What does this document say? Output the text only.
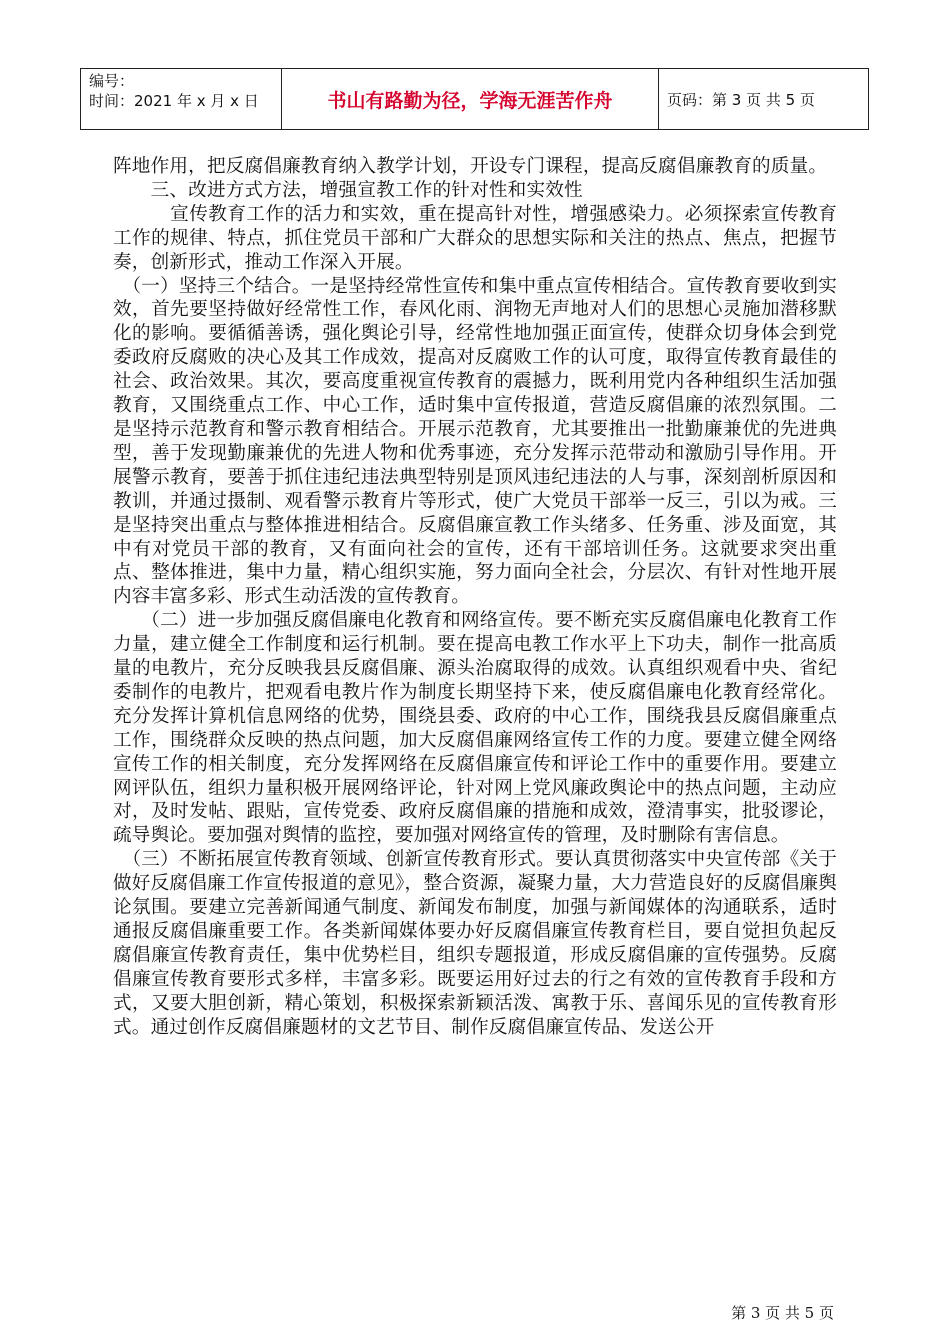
编号：
时间：2021 年 x 月 x 日	书山有路勤为径，学海无涯苦作舟	页码：第 3 页 共 5 页

阵地作用，把反腐倡廉教育纳入教学计划，开设专门课程，提高反腐倡廉教育的质量。

　　三、改进方式方法，增强宣教工作的针对性和实效性

　　　宣传教育工作的活力和实效，重在提高针对性，增强感染力。必须探索宣传教育工作的规律、特点，抓住党员干部和广大群众的思想实际和关注的热点、焦点，把握节奏，创新形式，推动工作深入开展。

　（一）坚持三个结合。一是坚持经常性宣传和集中重点宣传相结合。宣传教育要收到实效，首先要坚持做好经常性工作，春风化雨、润物无声地对人们的思想心灵施加潜移默化的影响。要循循善诱，强化舆论引导，经常性地加强正面宣传，使群众切身体会到党委政府反腐败的决心及其工作成效，提高对反腐败工作的认可度，取得宣传教育最佳的社会、政治效果。其次，要高度重视宣传教育的震撼力，既利用党内各种组织生活加强教育，又围绕重点工作、中心工作，适时集中宣传报道，营造反腐倡廉的浓烈氛围。二是坚持示范教育和警示教育相结合。开展示范教育，尤其要推出一批勤廉兼优的先进典型，善于发现勤廉兼优的先进人物和优秀事迹，充分发挥示范带动和激励引导作用。开展警示教育，要善于抓住违纪违法典型特别是顶风违纪违法的人与事，深刻剖析原因和教训，并通过摄制、观看警示教育片等形式，使广大党员干部举一反三，引以为戒。三是坚持突出重点与整体推进相结合。反腐倡廉宣教工作头绪多、任务重、涉及面宽，其中有对党员干部的教育，又有面向社会的宣传，还有干部培训任务。这就要求突出重点、整体推进，集中力量，精心组织实施，努力面向全社会，分层次、有针对性地开展内容丰富多彩、形式生动活泼的宣传教育。

　　（二）进一步加强反腐倡廉电化教育和网络宣传。要不断充实反腐倡廉电化教育工作力量，建立健全工作制度和运行机制。要在提高电教工作水平上下功夫，制作一批高质量的电教片，充分反映我县反腐倡廉、源头治腐取得的成效。认真组织观看中央、省纪委制作的电教片，把观看电教片作为制度长期坚持下来，使反腐倡廉电化教育经常化。充分发挥计算机信息网络的优势，围绕县委、政府的中心工作，围绕我县反腐倡廉重点工作，围绕群众反映的热点问题，加大反腐倡廉网络宣传工作的力度。要建立健全网络宣传工作的相关制度，充分发挥网络在反腐倡廉宣传和评论工作中的重要作用。要建立网评队伍，组织力量积极开展网络评论，针对网上党风廉政舆论中的热点问题，主动应对，及时发帖、跟贴，宣传党委、政府反腐倡廉的措施和成效，澄清事实，批驳谬论，疏导舆论。要加强对舆情的监控，要加强对网络宣传的管理，及时删除有害信息。

　（三）不断拓展宣传教育领域、创新宣传教育形式。要认真贯彻落实中央宣传部《关于做好反腐倡廉工作宣传报道的意见》，整合资源，凝聚力量，大力营造良好的反腐倡廉舆论氛围。要建立完善新闻通气制度、新闻发布制度，加强与新闻媒体的沟通联系，适时通报反腐倡廉重要工作。各类新闻媒体要办好反腐倡廉宣传教育栏目，要自觉担负起反腐倡廉宣传教育责任，集中优势栏目，组织专题报道，形成反腐倡廉的宣传强势。反腐倡廉宣传教育要形式多样，丰富多彩。既要运用好过去的行之有效的宣传教育手段和方式，又要大胆创新，精心策划，积极探索新颖活泼、寓教于乐、喜闻乐见的宣传教育形式。通过创作反腐倡廉题材的文艺节目、制作反腐倡廉宣传品、发送公开

第 3 页 共 5 页
